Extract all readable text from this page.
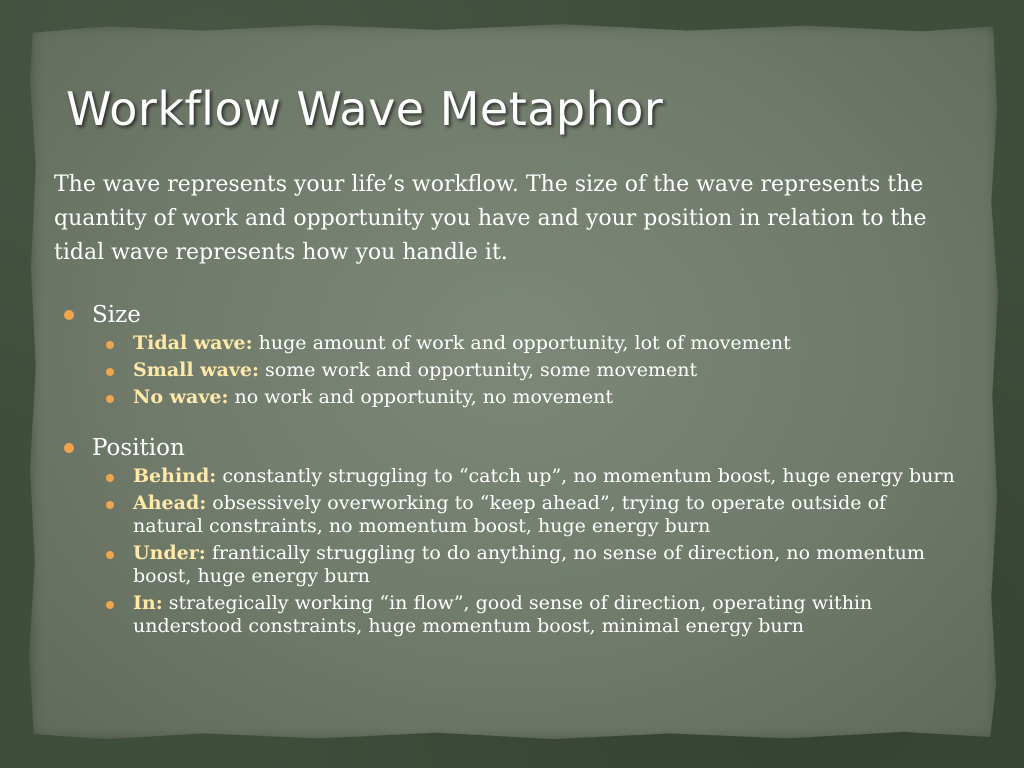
Workflow Wave Metaphor

The wave represents your life’s workflow. The size of the wave represents the quantity of work and opportunity you have and your position in relation to the tidal wave represents how you handle it.

Size
Tidal wave: huge amount of work and opportunity, lot of movement
Small wave: some work and opportunity, some movement
No wave: no work and opportunity, no movement
Position
Behind: constantly struggling to “catch up”, no momentum boost, huge energy burn
Ahead: obsessively overworking to “keep ahead”, trying to operate outside of natural constraints, no momentum boost, huge energy burn
Under: frantically struggling to do anything, no sense of direction, no momentum boost, huge energy burn
In: strategically working “in flow”, good sense of direction, operating within understood constraints, huge momentum boost, minimal energy burn
